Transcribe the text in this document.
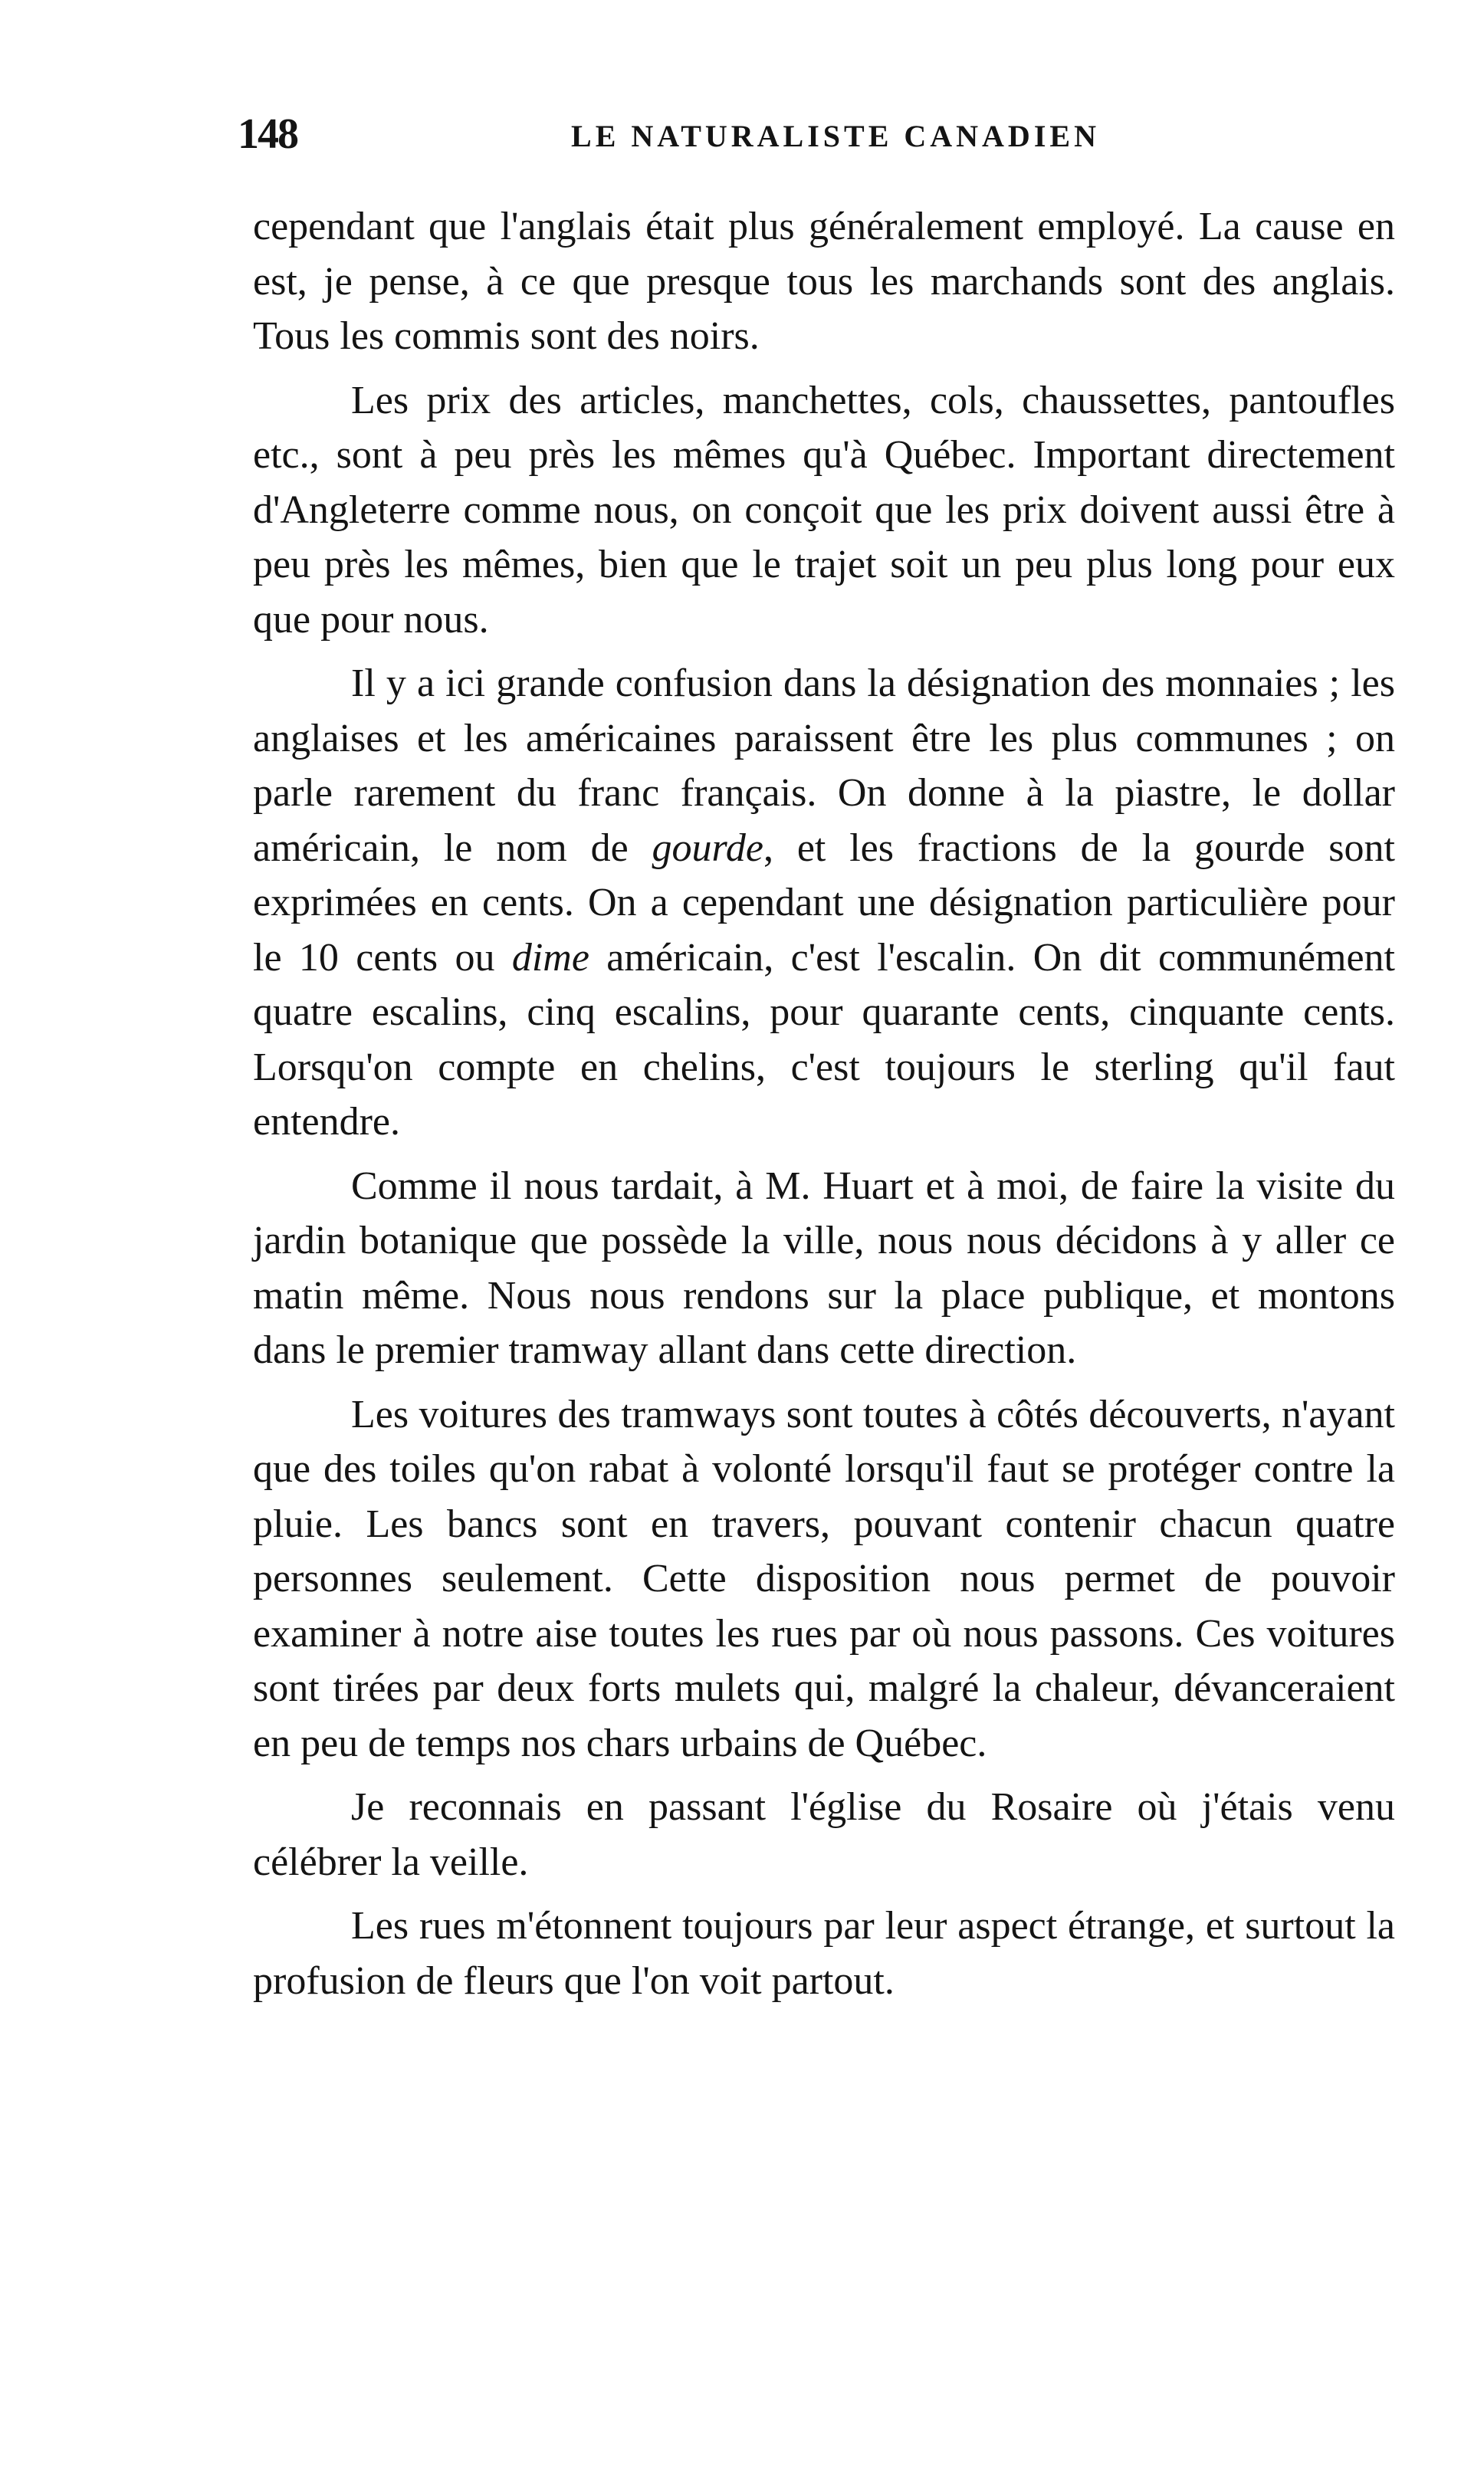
148	LE NATURALISTE CANADIEN

cependant que l'anglais était plus généralement employé. La cause en est, je pense, à ce que presque tous les marchands sont des anglais. Tous les commis sont des noirs.

Les prix des articles, manchettes, cols, chaussettes, pantoufles etc., sont à peu près les mêmes qu'à Québec. Important directement d'Angleterre comme nous, on conçoit que les prix doivent aussi être à peu près les mêmes, bien que le trajet soit un peu plus long pour eux que pour nous.

Il y a ici grande confusion dans la désignation des monnaies ; les anglaises et les américaines paraissent être les plus communes ; on parle rarement du franc français. On donne à la piastre, le dollar américain, le nom de gourde, et les fractions de la gourde sont exprimées en cents. On a cependant une désignation particulière pour le 10 cents ou dime américain, c'est l'escalin. On dit communément quatre escalins, cinq escalins, pour quarante cents, cinquante cents. Lorsqu'on compte en chelins, c'est toujours le sterling qu'il faut entendre.

Comme il nous tardait, à M. Huart et à moi, de faire la visite du jardin botanique que possède la ville, nous nous décidons à y aller ce matin même. Nous nous rendons sur la place publique, et montons dans le premier tramway allant dans cette direction.

Les voitures des tramways sont toutes à côtés découverts, n'ayant que des toiles qu'on rabat à volonté lorsqu'il faut se protéger contre la pluie. Les bancs sont en travers, pouvant contenir chacun quatre personnes seulement. Cette disposition nous permet de pouvoir examiner à notre aise toutes les rues par où nous passons. Ces voitures sont tirées par deux forts mulets qui, malgré la chaleur, dévanceraient en peu de temps nos chars urbains de Québec.

Je reconnais en passant l'église du Rosaire où j'étais venu célébrer la veille.

Les rues m'étonnent toujours par leur aspect étrange, et surtout la profusion de fleurs que l'on voit partout.
